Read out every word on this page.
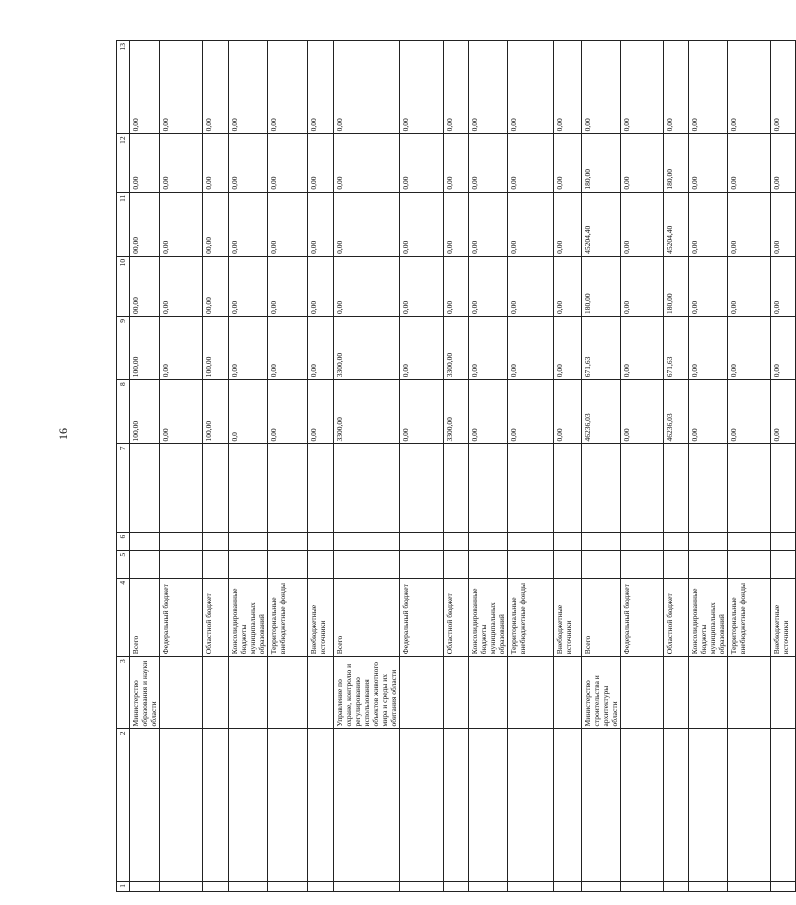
16
1	2	3	4	5	6	7	8	9	10	11	12	13
		Министерство образования и науки области	Всего				100,00	100,00	00,00	00,00	0,00	0,00
			Федеральный бюджет				0,00	0,00	0,00	0,00	0,00	0,00
			Областной бюджет				100,00	100,00	00,00	00,00	0,00	0,00
			Консолидированные бюджеты муниципальных образований				0,0	0,00	0,00	0,00	0,00	0,00
			Территориальные внебюджетные фонды				0,00	0,00	0,00	0,00	0,00	0,00
			Внебюджетные источники				0,00	0,00	0,00	0,00	0,00	0,00
		Управление по охране, контролю и регулированию использования объектов животного мира и среды их обитания области	Всего				3300,00	3300,00	0,00	0,00	0,00	0,00
			Федеральный бюджет				0,00	0,00	0,00	0,00	0,00	0,00
			Областной бюджет				3300,00	3300,00	0,00	0,00	0,00	0,00
			Консолидированные бюджеты муниципальных образований				0,00	0,00	0,00	0,00	0,00	0,00
			Территориальные внебюджетные фонды				0,00	0,00	0,00	0,00	0,00	0,00
			Внебюджетные источники				0,00	0,00	0,00	0,00	0,00	0,00
		Министерство строительства и архитектуры области	Всего				46236,03	671,63	180,00	45204,40	180,00	0,00
			Федеральный бюджет				0,00	0,00	0,00	0,00	0,00	0,00
			Областной бюджет				46236,03	671,63	180,00	45204,40	180,00	0,00
			Консолидированные бюджеты муниципальных образований				0,00	0,00	0,00	0,00	0,00	0,00
			Территориальные внебюджетные фонды				0,00	0,00	0,00	0,00	0,00	0,00
			Внебюджетные источники				0,00	0,00	0,00	0,00	0,00	0,00
